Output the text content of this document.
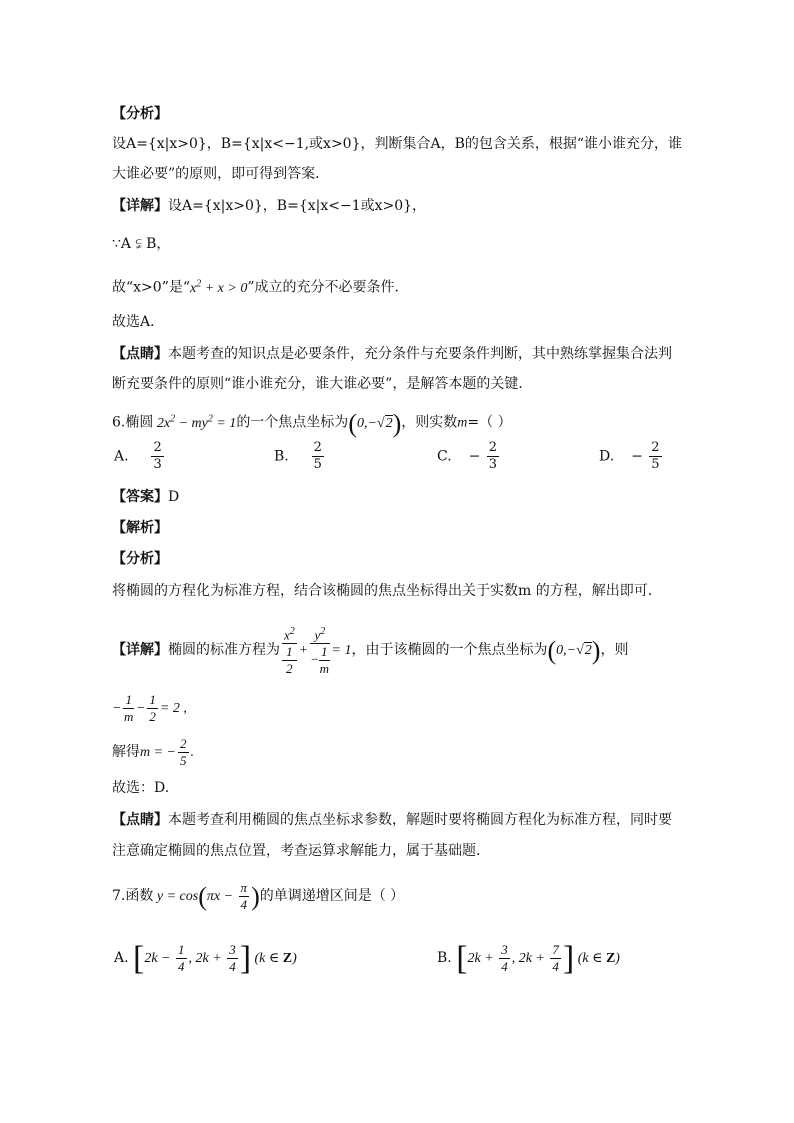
【分析】
设A={x|x>0}，B={x|x<−1,或x>0}，判断集合A，B的包含关系，根据“谁小谁充分，谁
大谁必要”的原则，即可得到答案．
【详解】设A={x|x>0}，B={x|x<−1或x>0}，
∵A ⫋ B，
故“x>0”是“$x^2 + x > 0$”成立的充分不必要条件．
故选A．
【点睛】本题考查的知识点是必要条件，充分条件与充要条件判断，其中熟练掌握集合法判
断充要条件的原则“谁小谁充分，谁大谁必要”，是解答本题的关键．
6.椭圆 $2x^2 - my^2 = 1$的一个焦点坐标为(0,−√2)，则实数m=（ ）
A. $\frac{2}{3}$	B. $\frac{2}{5}$	C. − $\frac{2}{3}$	D. − $\frac{2}{5}$
【答案】D
【解析】
【分析】
将椭圆的方程化为标准方程，结合该椭圆的焦点坐标得出关于实数m 的方程，解出即可.
【详解】椭圆的标准方程为 $x^2$
1
$2 + \frac{y^2}{- \frac{1}{m}} = 1$，由于该椭圆的一个焦点坐标为(0,−√2)，则
− $\frac{1}{m} - \frac{1}{2} = 2$ ,
解得m = − $\frac{2}{5}$ .
故选：D.
【点睛】本题考查利用椭圆的焦点坐标求参数，解题时要将椭圆方程化为标准方程，同时要
注意确定椭圆的焦点位置，考查运算求解能力，属于基础题.
7.函数 $y = \cos(\pi x - \frac{\pi}{4}$ )的单调递增区间是（ ）
A. [$2k - \frac{1}{4}$ , $2k + \frac{3}{4}$ ] (k ∈ Z)	B. [$2k + \frac{3}{4}$ , $2k + \frac{7}{4}$ ] (k ∈ Z)
